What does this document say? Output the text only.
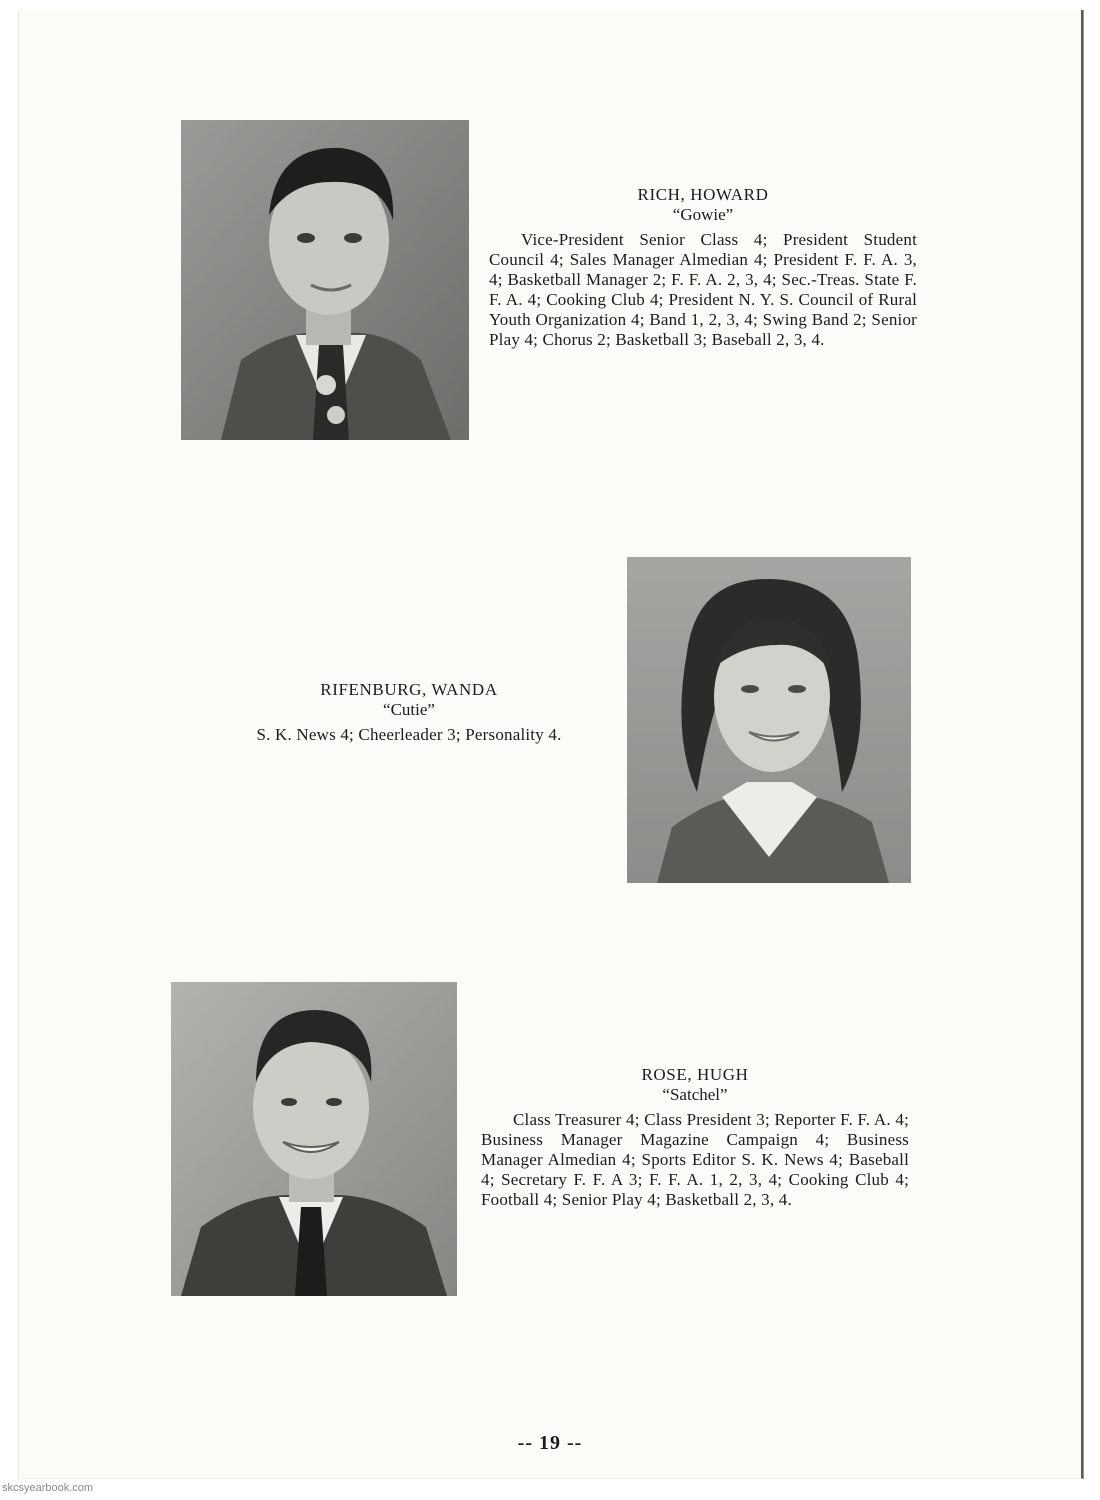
RICH, HOWARD
“Gowie”
Vice-President Senior Class 4; President Student Council 4; Sales Manager Almedian 4; President F. F. A. 3, 4; Basketball Manager 2; F. F. A. 2, 3, 4; Sec.-Treas. State F. F. A. 4; Cooking Club 4; President N. Y. S. Council of Rural Youth Organization 4; Band 1, 2, 3, 4; Swing Band 2; Senior Play 4; Chorus 2; Basketball 3; Baseball 2, 3, 4.
RIFENBURG, WANDA
“Cutie”
S. K. News 4; Cheerleader 3; Personality 4.
ROSE, HUGH
“Satchel”
Class Treasurer 4; Class President 3; Reporter F. F. A. 4; Business Manager Magazine Campaign 4; Business Manager Almedian 4; Sports Editor S. K. News 4; Baseball 4; Secretary F. F. A 3; F. F. A. 1, 2, 3, 4; Cooking Club 4; Football 4; Senior Play 4; Basketball 2, 3, 4.
-- 19 --
skcsyearbook.com
